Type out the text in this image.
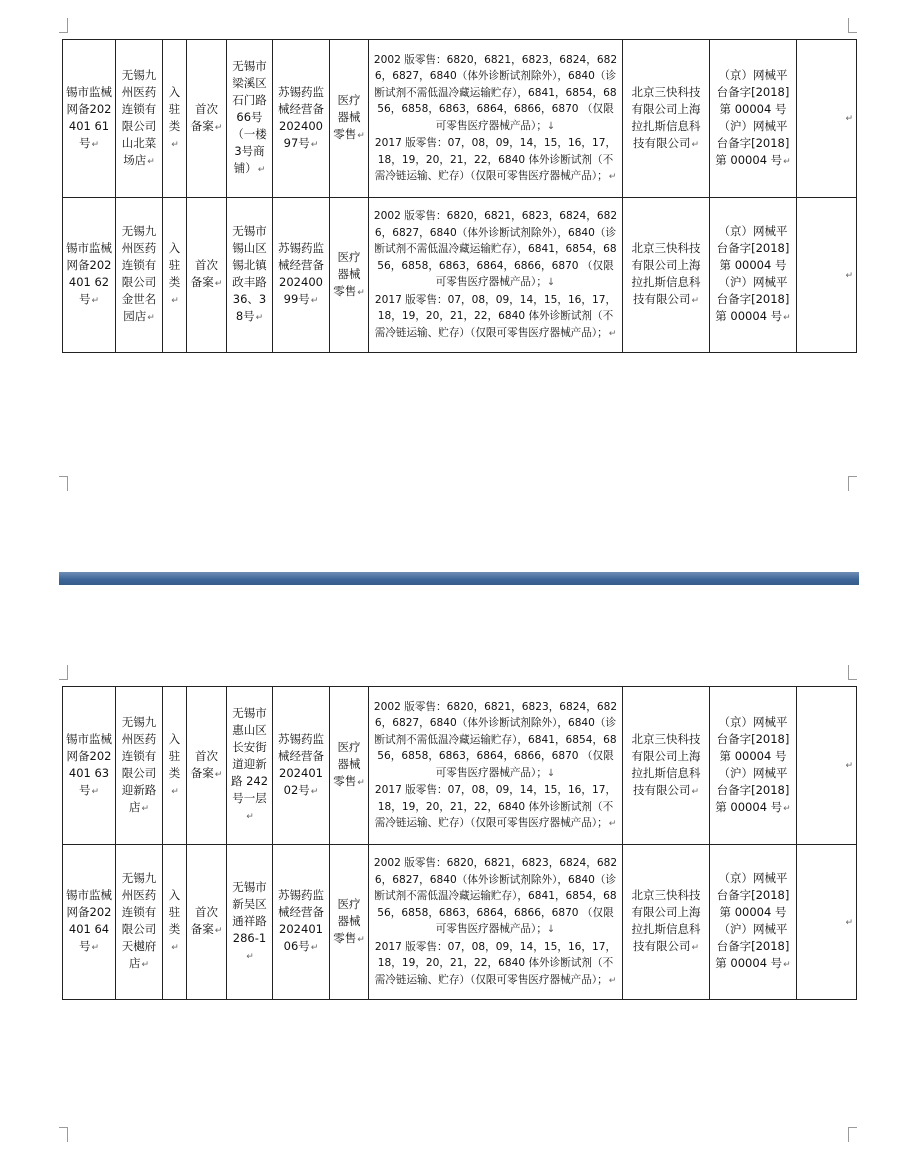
锡市监械网备202401 61号↵	无锡九州医药连锁有限公司山北菜场店↵	入驻类↵	首次备案↵	无锡市梁溪区石门路66号（一楼3号商铺）↵	苏锡药监械经营备20240097号↵	医疗器械零售↵	2002 版零售：6820，6821，6823，6824，6826，6827，6840（体外诊断试剂除外），6840（诊断试剂不需低温冷藏运输贮存），6841，6854，6856，6858，6863，6864，6866，6870 （仅限可零售医疗器械产品）；↓
2017 版零售：07，08，09，14，15，16，17，18，19，20，21，22，6840 体外诊断试剂（不需冷链运输、贮存）（仅限可零售医疗器械产品）；↵	北京三快科技有限公司上海拉扎斯信息科技有限公司↵	（京）网械平台备字[2018]第 00004 号（沪）网械平台备字[2018]第 00004 号↵	↵
锡市监械网备202401 62号↵	无锡九州医药连锁有限公司金世名园店↵	入驻类↵	首次备案↵	无锡市锡山区锡北镇政丰路36、38号↵	苏锡药监械经营备20240099号↵	医疗器械零售↵	2002 版零售：6820，6821，6823，6824，6826，6827，6840（体外诊断试剂除外），6840（诊断试剂不需低温冷藏运输贮存），6841，6854，6856，6858，6863，6864，6866，6870 （仅限可零售医疗器械产品）；↓
2017 版零售：07，08，09，14，15，16，17，18，19，20，21，22，6840 体外诊断试剂（不需冷链运输、贮存）（仅限可零售医疗器械产品）；↵	北京三快科技有限公司上海拉扎斯信息科技有限公司↵	（京）网械平台备字[2018]第 00004 号（沪）网械平台备字[2018]第 00004 号↵	↵
锡市监械网备202401 63号↵	无锡九州医药连锁有限公司迎新路店↵	入驻类↵	首次备案↵	无锡市惠山区长安街道迎新路 242号一层↵	苏锡药监械经营备20240102号↵	医疗器械零售↵	2002 版零售：6820，6821，6823，6824，6826，6827，6840（体外诊断试剂除外），6840（诊断试剂不需低温冷藏运输贮存），6841，6854，6856，6858，6863，6864，6866，6870 （仅限可零售医疗器械产品）；↓
2017 版零售：07，08，09，14，15，16，17，18，19，20，21，22，6840 体外诊断试剂（不需冷链运输、贮存）（仅限可零售医疗器械产品）；↵	北京三快科技有限公司上海拉扎斯信息科技有限公司↵	（京）网械平台备字[2018]第 00004 号（沪）网械平台备字[2018]第 00004 号↵	↵
锡市监械网备202401 64号↵	无锡九州医药连锁有限公司天樾府店↵	入驻类↵	首次备案↵	无锡市新吴区通祥路286-1↵	苏锡药监械经营备20240106号↵	医疗器械零售↵	2002 版零售：6820，6821，6823，6824，6826，6827，6840（体外诊断试剂除外），6840（诊断试剂不需低温冷藏运输贮存），6841，6854，6856，6858，6863，6864，6866，6870 （仅限可零售医疗器械产品）；↓
2017 版零售：07，08，09，14，15，16，17，18，19，20，21，22，6840 体外诊断试剂（不需冷链运输、贮存）（仅限可零售医疗器械产品）；↵	北京三快科技有限公司上海拉扎斯信息科技有限公司↵	（京）网械平台备字[2018]第 00004 号（沪）网械平台备字[2018]第 00004 号↵	↵
